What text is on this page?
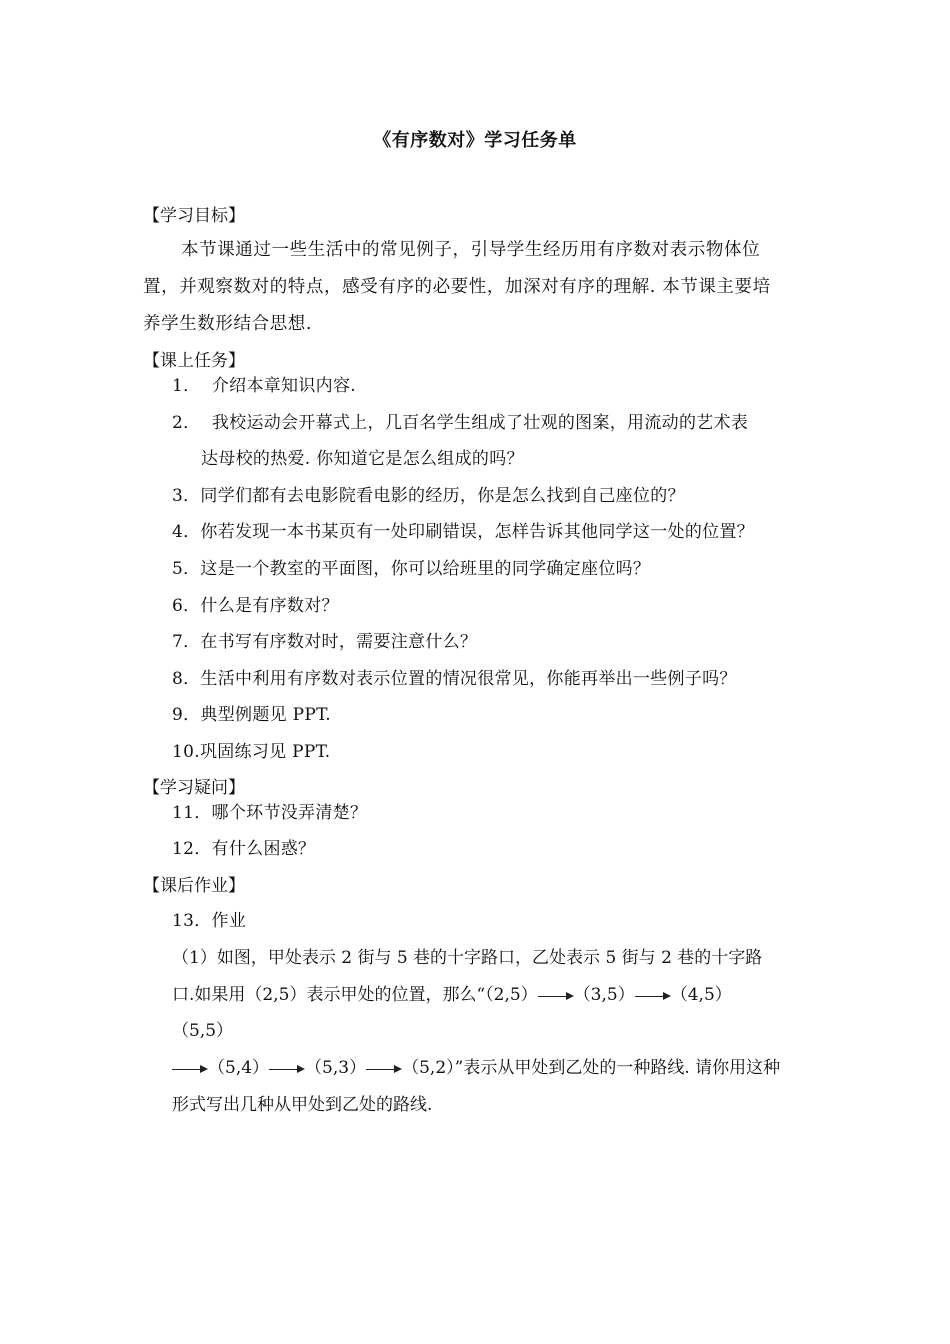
《有序数对》学习任务单
【学习目标】
本节课通过一些生活中的常见例子，引导学生经历用有序数对表示物体位
置，并观察数对的特点，感受有序的必要性，加深对有序的理解. 本节课主要培
养学生数形结合思想.
【课上任务】
1． 介绍本章知识内容.
2． 我校运动会开幕式上，几百名学生组成了壮观的图案，用流动的艺术表
达母校的热爱. 你知道它是怎么组成的吗？
3．同学们都有去电影院看电影的经历，你是怎么找到自己座位的？
4．你若发现一本书某页有一处印刷错误，怎样告诉其他同学这一处的位置？
5．这是一个教室的平面图，你可以给班里的同学确定座位吗？
6．什么是有序数对？
7．在书写有序数对时，需要注意什么？
8．生活中利用有序数对表示位置的情况很常见，你能再举出一些例子吗？
9．典型例题见 PPT.
10.巩固练习见 PPT.
【学习疑问】
11．哪个环节没弄清楚？
12．有什么困惑？
【课后作业】
13．作业
（1）如图，甲处表示 2 街与 5 巷的十字路口，乙处表示 5 街与 2 巷的十字路
口.如果用（2,5）表示甲处的位置，那么“（2,5） （3,5） （4,5）
（5,5）
（5,4） （5,3） （5,2）”表示从甲处到乙处的一种路线. 请你用这种
形式写出几种从甲处到乙处的路线.
